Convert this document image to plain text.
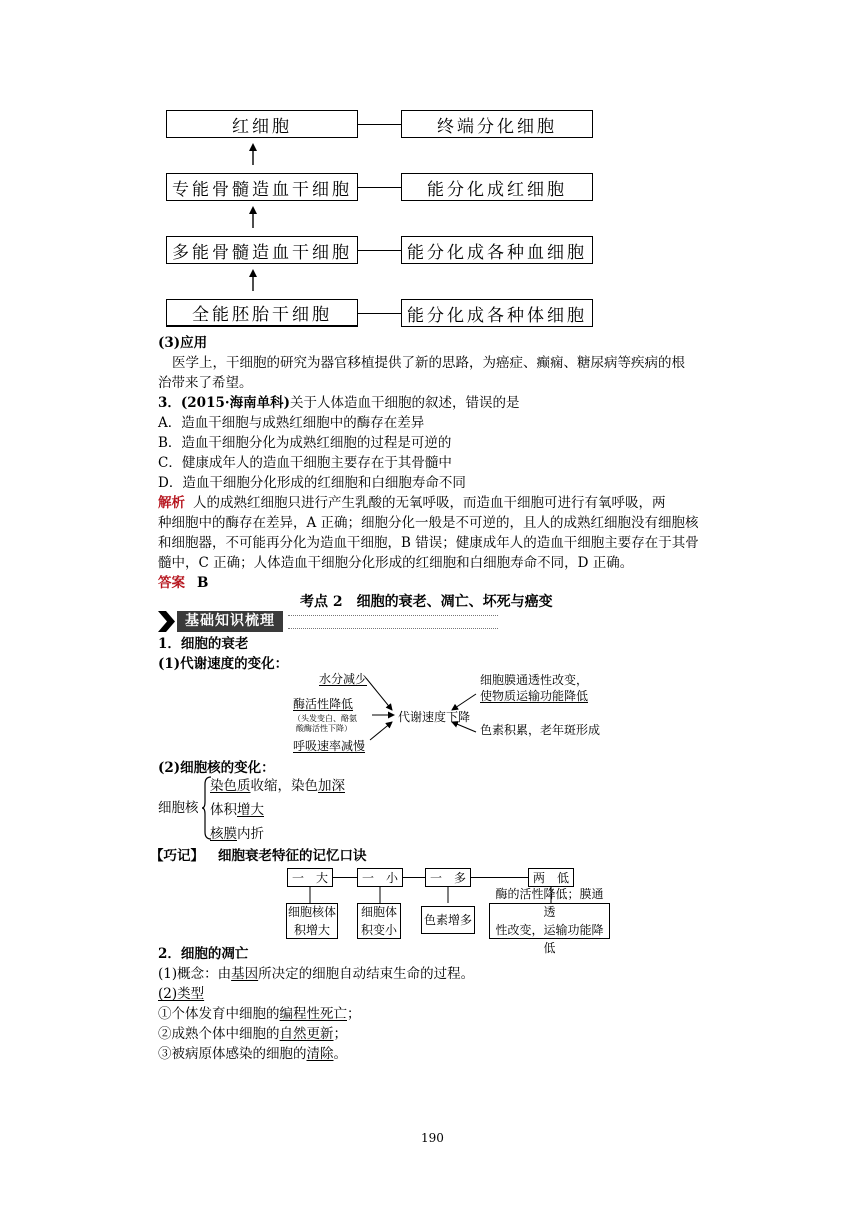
红细胞	终端分化细胞
专能骨髓造血干细胞	能分化成红细胞
多能骨髓造血干细胞	能分化成各种血细胞
全能胚胎干细胞	能分化成各种体细胞
(3)应用
医学上，干细胞的研究为器官移植提供了新的思路，为癌症、癫痫、糖尿病等疾病的根
治带来了希望。
3．(2015·海南单科)关于人体造血干细胞的叙述，错误的是
A．造血干细胞与成熟红细胞中的酶存在差异
B．造血干细胞分化为成熟红细胞的过程是可逆的
C．健康成年人的造血干细胞主要存在于其骨髓中
D．造血干细胞分化形成的红细胞和白细胞寿命不同
解析 人的成熟红细胞只进行产生乳酸的无氧呼吸，而造血干细胞可进行有氧呼吸，两
种细胞中的酶存在差异，A 正确；细胞分化一般是不可逆的，且人的成熟红细胞没有细胞核
和细胞器，不可能再分化为造血干细胞，B 错误；健康成年人的造血干细胞主要存在于其骨
髓中，C 正确；人体造血干细胞分化形成的红细胞和白细胞寿命不同，D 正确。
答案 B
考点 2　细胞的衰老、凋亡、坏死与癌变
基础知识梳理
1．细胞的衰老
(1)代谢速度的变化：
水分减少
酶活性降低
（头发变白、酪氨
酸酶活性下降）
呼吸速率减慢
代谢速度下降
细胞膜通透性改变，
使物质运输功能降低
色素积累，老年斑形成
(2)细胞核的变化：
细胞核
染色质收缩，染色加深
体积增大
核膜内折
【巧记】 细胞衰老特征的记忆口诀
一　大	一　小	一　多	两　低
细胞核体
积增大
细胞体
积变小
色素增多
酶的活性降低；膜通透
性改变，运输功能降低
2．细胞的凋亡
(1)概念：由基因所决定的细胞自动结束生命的过程。
(2)类型
①个体发育中细胞的编程性死亡；
②成熟个体中细胞的自然更新；
③被病原体感染的细胞的清除。
190
